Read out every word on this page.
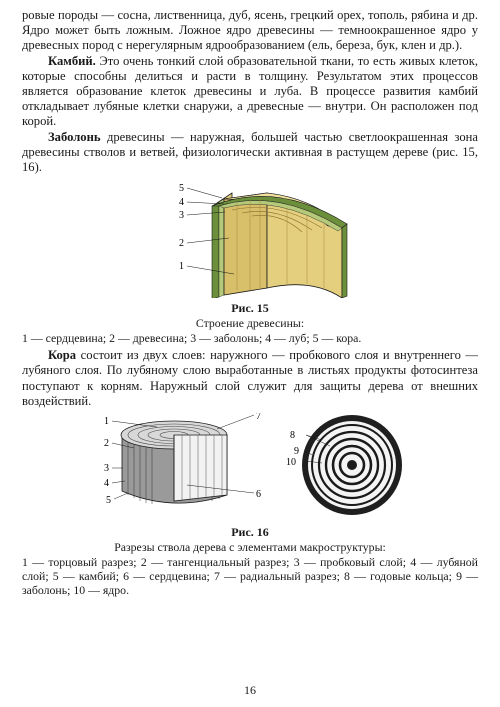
ровые породы — сосна, лиственница, дуб, ясень, грецкий орех, тополь, рябина и др. Ядро может быть ложным. Ложное ядро древесины — темноокрашенное ядро у древесных пород с нерегулярным ядрообразованием (ель, береза, бук, клен и др.).

Камбий. Это очень тонкий слой образовательной ткани, то есть живых клеток, которые способны делиться и расти в толщину. Результатом этих процессов является образование клеток древесины и луба. В процессе развития камбий откладывает лубяные клетки снаружи, а древесные — внутри. Он расположен под корой.

Заболонь древесины — наружная, большей частью светлоокрашенная зона древесины стволов и ветвей, физиологически активная в растущем дереве (рис. 15, 16).

5
4
3
2
1

Рис. 15

Строение древесины:

1 — сердцевина; 2 — древесина; 3 — заболонь; 4 — луб; 5 — кора.

Кора состоит из двух слоев: наружного — пробкового слоя и внутреннего — лубяного слоя. По лубяному слою выработанные в листьях продукты фотосинтеза поступают к корням. Наружный слой служит для защиты дерева от внешних воздействий.

1
2
3
4
5
6
7
8
9
10

Рис. 16

Разрезы ствола дерева с элементами макроструктуры:

1 — торцовый разрез; 2 — тангенциальный разрез; 3 — пробковый слой; 4 — лубяной слой; 5 — камбий; 6 — сердцевина; 7 — радиальный разрез; 8 — годовые кольца; 9 — заболонь; 10 — ядро.

16
